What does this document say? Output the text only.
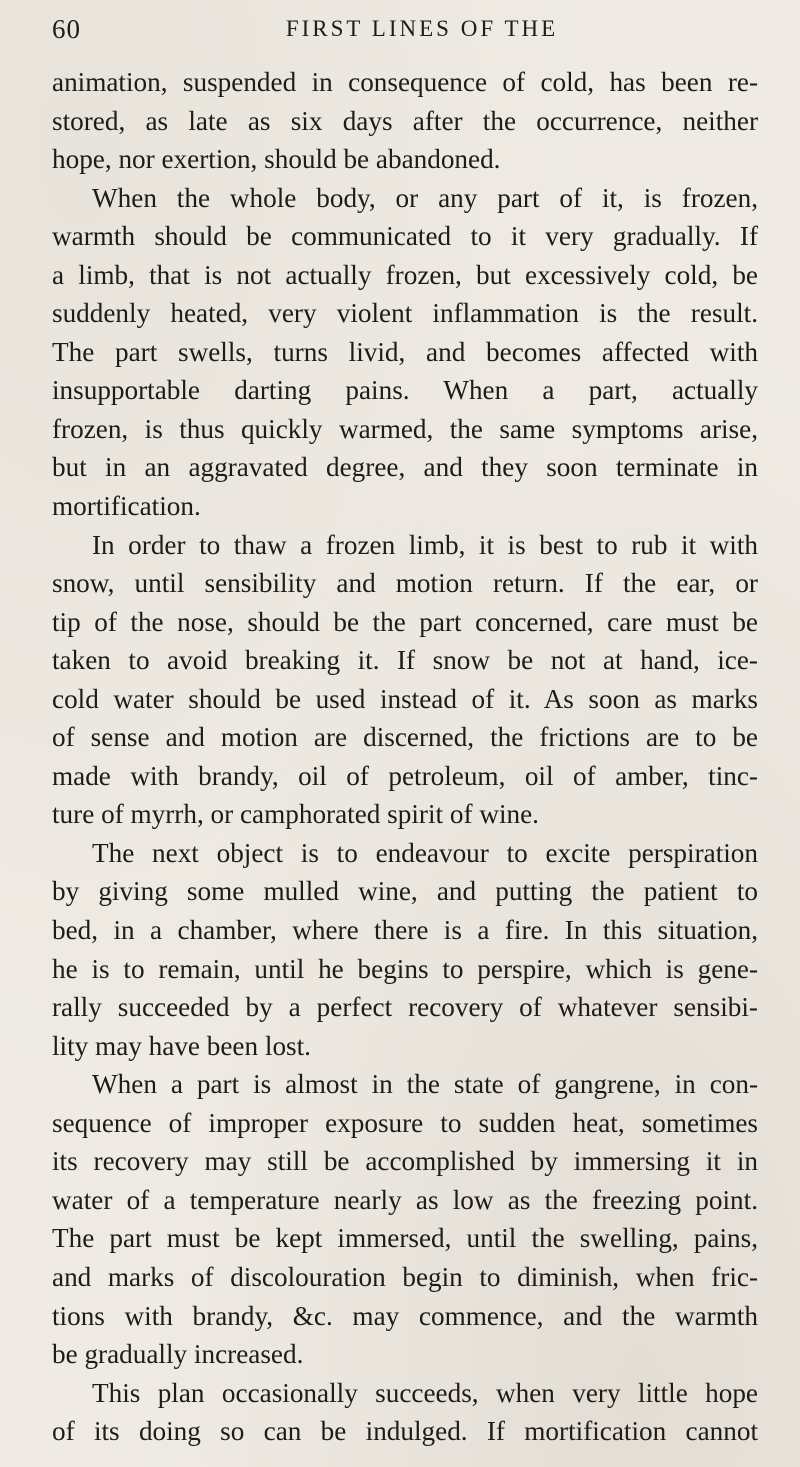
60	FIRST LINES OF THE
animation, suspended in consequence of cold, has been re-
stored, as late as six days after the occurrence, neither
hope, nor exertion, should be abandoned.
When the whole body, or any part of it, is frozen,
warmth should be communicated to it very gradually. If
a limb, that is not actually frozen, but excessively cold, be
suddenly heated, very violent inflammation is the result.
The part swells, turns livid, and becomes affected with
insupportable darting pains. When a part, actually
frozen, is thus quickly warmed, the same symptoms arise,
but in an aggravated degree, and they soon terminate in
mortification.
In order to thaw a frozen limb, it is best to rub it with
snow, until sensibility and motion return. If the ear, or
tip of the nose, should be the part concerned, care must be
taken to avoid breaking it. If snow be not at hand, ice-
cold water should be used instead of it. As soon as marks
of sense and motion are discerned, the frictions are to be
made with brandy, oil of petroleum, oil of amber, tinc-
ture of myrrh, or camphorated spirit of wine.
The next object is to endeavour to excite perspiration
by giving some mulled wine, and putting the patient to
bed, in a chamber, where there is a fire. In this situation,
he is to remain, until he begins to perspire, which is gene-
rally succeeded by a perfect recovery of whatever sensibi-
lity may have been lost.
When a part is almost in the state of gangrene, in con-
sequence of improper exposure to sudden heat, sometimes
its recovery may still be accomplished by immersing it in
water of a temperature nearly as low as the freezing point.
The part must be kept immersed, until the swelling, pains,
and marks of discolouration begin to diminish, when fric-
tions with brandy, &c. may commence, and the warmth
be gradually increased.
This plan occasionally succeeds, when very little hope
of its doing so can be indulged. If mortification cannot
